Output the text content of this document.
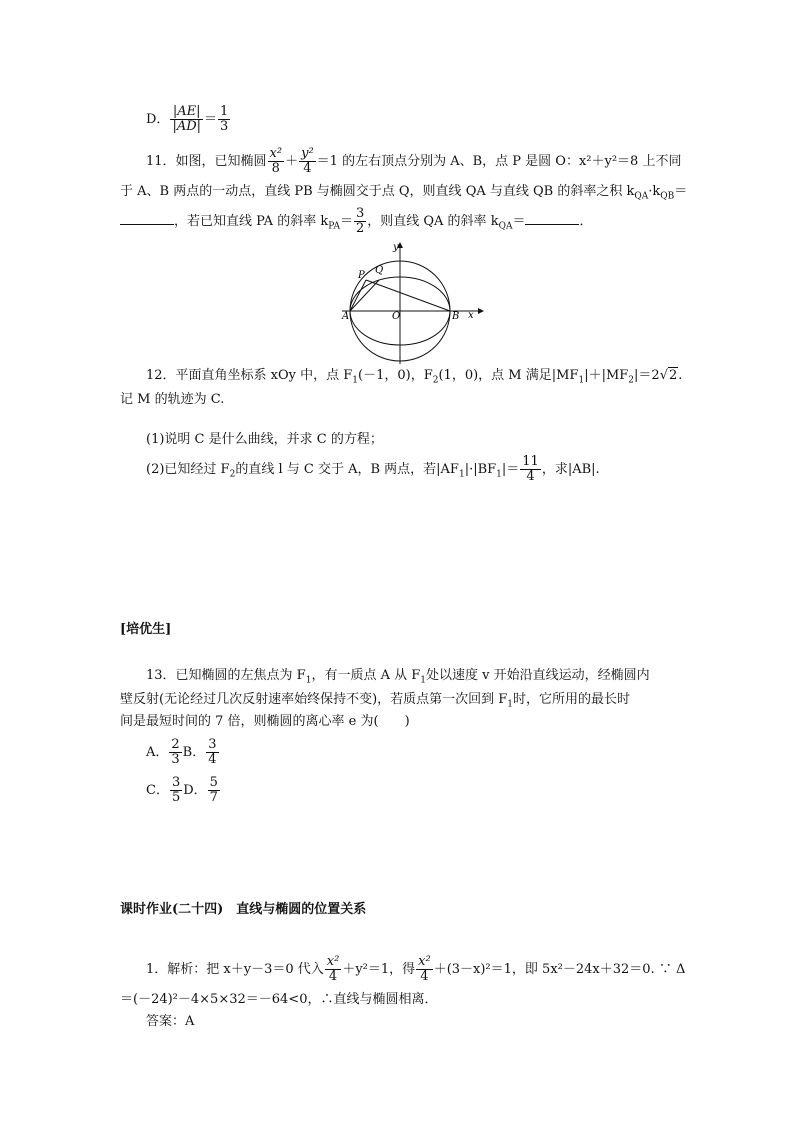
D． $\frac{|AE|}{|AD|} = \frac{1}{3}$
11．如图，已知椭圆 $\frac{\text{x²}}{8} + \frac{\text{y²}}{4} =1$ 的左右顶点分别为 A、B，点 P 是圆 O：x²＋y²＝8 上不同
于 A、B 两点的一动点，直线 PB 与椭圆交于点 Q，则直线 QA 与直线 QB 的斜率之积 $k_{QA}\cdot k_{QB}=$
，若已知直线 PA 的斜率 $k_{PA}= \frac{3}{2}$ ，则直线 QA 的斜率 $k_{QA}=$	．
y
x
P Q
A	O	B
12．平面直角坐标系 xOy 中，点 $F_1(-1$，0)，$F_2(1$，0)，点 M 满足$|MF_1|+|MF_2|=2√2$.
记 M 的轨迹为 C.
(1)说明 C 是什么曲线，并求 C 的方程；
(2)已知经过 $F_2$的直线 l 与 C 交于 A，B 两点，若$|AF_1|\cdot|BF_1|= \frac{11}{4}$ ，求|AB|.
[培优生]
13．已知椭圆的左焦点为 $F_1$，有一质点 A 从 $F_1$处以速度 v 开始沿直线运动，经椭圆内
壁反射(无论经过几次反射速率始终保持不变)，若质点第一次回到 $F_1$时，它所用的最长时
间是最短时间的 7 倍，则椭圆的离心率 e 为(　　)
A． $\frac{2}{3}$ B． $\frac{3}{4}$
C． $\frac{3}{5}$ D． $\frac{5}{7}$
课时作业(二十四)　直线与椭圆的位置关系
1．解析：把 x＋y－3＝0 代入 $\frac{\text{x²}}{4} +y^2=1$，得 $\frac{\text{x²}}{4} +(3-x)^2=1$，即 5x²－24x＋32＝0. ∵ Δ
＝(－24)²－4×5×32＝－64<0，∴直线与椭圆相离．
答案：A
